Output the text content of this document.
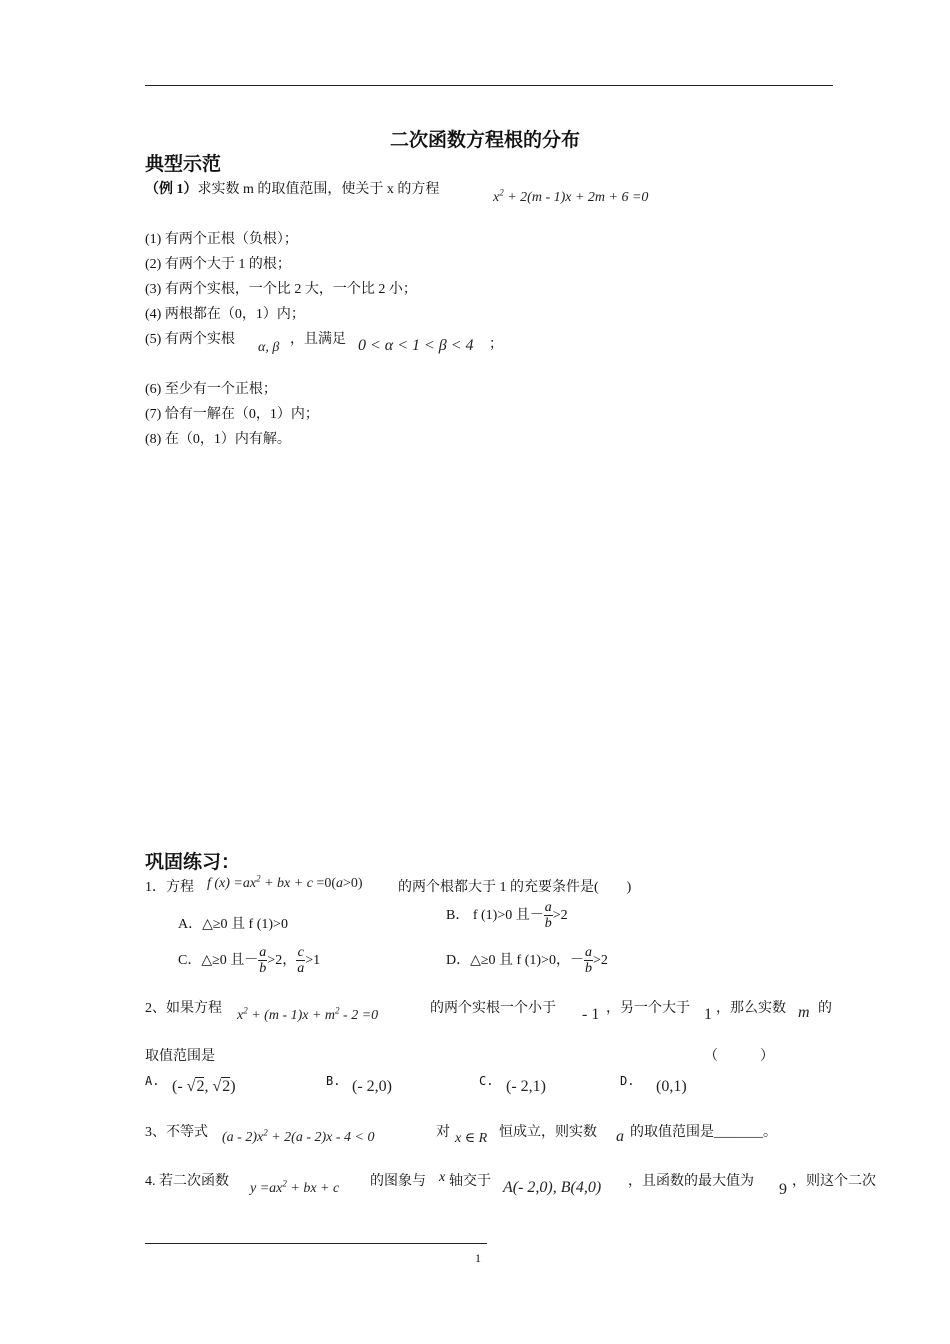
二次函数方程根的分布
典型示范
（例 1）求实数 m 的取值范围，使关于 x 的方程
$x^2 + 2(m - 1)x + 2m + 6 =0$
(1) 有两个正根（负根）；
(2) 有两个大于 1 的根；
(3) 有两个实根，一个比 2 大，一个比 2 小；
(4) 两根都在（0，1）内；
(5) 有两个实根
α, β
，且满足 0 < α < 1 < β < 4 ；
(6) 至少有一个正根；
(7) 恰有一解在（0，1）内；
(8) 在（0，1）内有解。
巩固练习：
1．方程 f $(x) =ax^2$ + bx + c =0(a>0)	的两个根都大于 1 的充要条件是(　　)
A．△≥0 且 f (1)>0
B． f (1)>0 且－ $\frac{a}{b} >2$
C．△≥0 且－ $\frac{a}{b} >2$， $\frac{c}{a} >1$	D．△≥0 且 f (1)>0，－ $\frac{a}{b} >2$
2、如果方程 $x^2 + (m - 1)x + m^2 - 2 =0$	的两个实根一个小于 - 1 ，另一个大于 1 ，那么实数 m 的
取值范围是	（　　　）
A. (- √2, √2)	B. (- 2,0)	C. (- 2,1)	D. (0,1)
3、不等式 $(a - 2)x^2 + 2(a - 2)x - 4 < 0$	对 x ∈ R 恒成立，则实数 a 的取值范围是_______。
4. 若二次函数 $y =ax^2$ + bx + c 的图象与 x 轴交于 A(- 2,0), B(4,0) ，且函数的最大值为 9 ，则这个二次
1
